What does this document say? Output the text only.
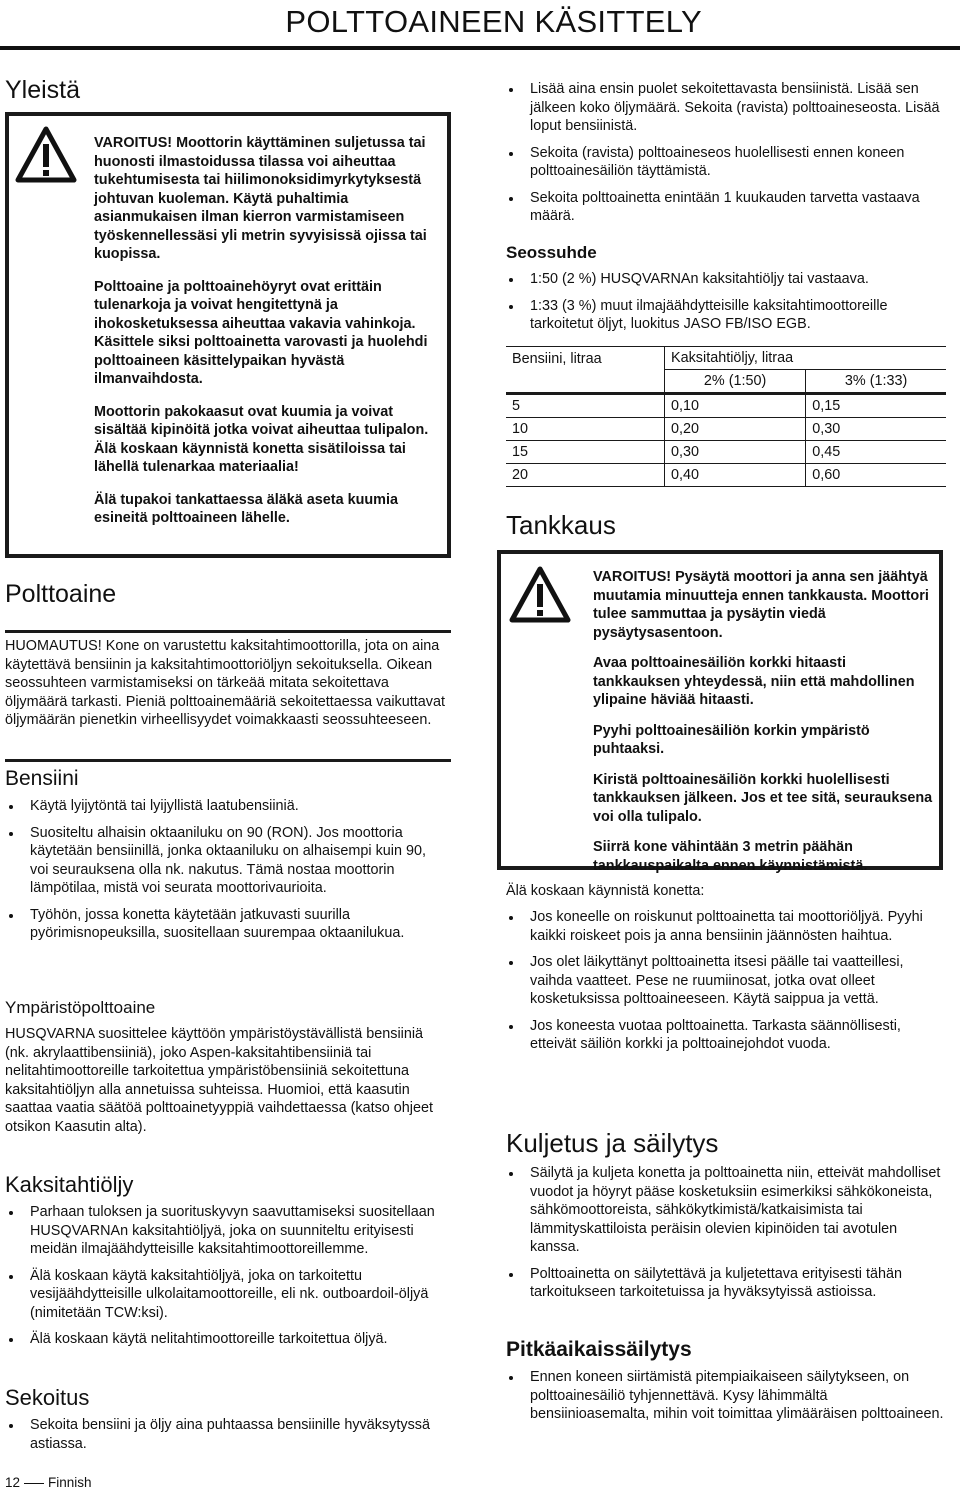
POLTTOAINEEN KÄSITTELY
Yleistä

VAROITUS! Moottorin käyttäminen suljetussa tai huonosti ilmastoidussa tilassa voi aiheuttaa tukehtumisesta tai hiilimonoksidimyrkytyksestä johtuvan kuoleman. Käytä puhaltimia asianmukaisen ilman kierron varmistamiseen työskennellessäsi yli metrin syvyisissä ojissa tai kuopissa.

Polttoaine ja polttoainehöyryt ovat erittäin tulenarkoja ja voivat hengitettynä ja ihokosketuksessa aiheuttaa vakavia vahinkoja. Käsittele siksi polttoainetta varovasti ja huolehdi polttoaineen käsittelypaikan hyvästä ilmanvaihdosta.

Moottorin pakokaasut ovat kuumia ja voivat sisältää kipinöitä jotka voivat aiheuttaa tulipalon. Älä koskaan käynnistä konetta sisätiloissa tai lähellä tulenarkaa materiaalia!

Älä tupakoi tankattaessa äläkä aseta kuumia esineitä polttoaineen lähelle.

Polttoaine
HUOMAUTUS! Kone on varustettu kaksitahtimoottorilla, jota on aina käytettävä bensiinin ja kaksitahtimoottoriöljyn sekoituksella. Oikean seossuhteen varmistamiseksi on tärkeää mitata sekoitettava öljymäärä tarkasti. Pieniä polttoainemääriä sekoitettaessa vaikuttavat öljymäärän pienetkin virheellisyydet voimakkaasti seossuhteeseen.
Bensiini
Käytä lyijytöntä tai lyijyllistä laatubensiiniä.
Suositeltu alhaisin oktaaniluku on 90 (RON). Jos moottoria käytetään bensiinillä, jonka oktaaniluku on alhaisempi kuin 90, voi seurauksena olla nk. nakutus. Tämä nostaa moottorin lämpötilaa, mistä voi seurata moottorivaurioita.
Työhön, jossa konetta käytetään jatkuvasti suurilla pyörimisnopeuksilla, suositellaan suurempaa oktaanilukua.
Ympäristöpolttoaine
HUSQVARNA suosittelee käyttöön ympäristöystävällistä bensiiniä (nk. akrylaattibensiiniä), joko Aspen-kaksitahtibensiiniä tai nelitahtimoottoreille tarkoitettua ympäristöbensiiniä sekoitettuna kaksitahtiöljyn alla annetuissa suhteissa. Huomioi, että kaasutin saattaa vaatia säätöä polttoainetyyppiä vaihdettaessa (katso ohjeet otsikon Kaasutin alta).
Kaksitahtiöljy
Parhaan tuloksen ja suorituskyvyn saavuttamiseksi suositellaan HUSQVARNAn kaksitahtiöljyä, joka on suunniteltu erityisesti meidän ilmajäähdytteisille kaksitahtimoottoreillemme.
Älä koskaan käytä kaksitahtiöljyä, joka on tarkoitettu vesijäähdytteisille ulkolaitamoottoreille, eli nk. outboardoil-öljyä (nimitetään TCW:ksi).
Älä koskaan käytä nelitahtimoottoreille tarkoitettua öljyä.
Sekoitus
Sekoita bensiini ja öljy aina puhtaassa bensiinille hyväksytyssä astiassa.
12 Finnish
Lisää aina ensin puolet sekoitettavasta bensiinistä. Lisää sen jälkeen koko öljymäärä. Sekoita (ravista) polttoaineseosta. Lisää loput bensiinistä.
Sekoita (ravista) polttoaineseos huolellisesti ennen koneen polttoainesäiliön täyttämistä.
Sekoita polttoainetta enintään 1 kuukauden tarvetta vastaava määrä.
Seossuhde
1:50 (2 %) HUSQVARNAn kaksitahtiöljy tai vastaava.
1:33 (3 %) muut ilmajäähdytteisille kaksitahtimoottoreille tarkoitetut öljyt, luokitus JASO FB/ISO EGB.
Bensiini, litraa	Kaksitahtiöljy, litraa	
	2% (1:50)	3% (1:33)
5	0,10	0,15
10	0,20	0,30
15	0,30	0,45
20	0,40	0,60
Tankkaus

VAROITUS! Pysäytä moottori ja anna sen jäähtyä muutamia minuutteja ennen tankkausta. Moottori tulee sammuttaa ja pysäytin viedä pysäytysasentoon.

Avaa polttoainesäiliön korkki hitaasti tankkauksen yhteydessä, niin että mahdollinen ylipaine häviää hitaasti.

Pyyhi polttoainesäiliön korkin ympäristö puhtaaksi.

Kiristä polttoainesäiliön korkki huolellisesti tankkauksen jälkeen. Jos et tee sitä, seurauksena voi olla tulipalo.

Siirrä kone vähintään 3 metrin päähän tankkauspaikalta ennen käynnistämistä.

Älä koskaan käynnistä konetta:
Jos koneelle on roiskunut polttoainetta tai moottoriöljyä. Pyyhi kaikki roiskeet pois ja anna bensiinin jäännösten haihtua.
Jos olet läikyttänyt polttoainetta itsesi päälle tai vaatteillesi, vaihda vaatteet. Pese ne ruumiinosat, jotka ovat olleet kosketuksissa polttoaineeseen. Käytä saippua ja vettä.
Jos koneesta vuotaa polttoainetta. Tarkasta säännöllisesti, etteivät säiliön korkki ja polttoainejohdot vuoda.
Kuljetus ja säilytys
Säilytä ja kuljeta konetta ja polttoainetta niin, etteivät mahdolliset vuodot ja höyryt pääse kosketuksiin esimerkiksi sähkökoneista, sähkömoottoreista, sähkökytkimistä/katkaisimista tai lämmityskattiloista peräisin olevien kipinöiden tai avotulen kanssa.
Polttoainetta on säilytettävä ja kuljetettava erityisesti tähän tarkoitukseen tarkoitetuissa ja hyväksytyissä astioissa.
Pitkäaikaissäilytys
Ennen koneen siirtämistä pitempiaikaiseen säilytykseen, on polttoainesäiliö tyhjennettävä. Kysy lähimmältä bensiinioasemalta, mihin voit toimittaa ylimääräisen polttoaineen.
